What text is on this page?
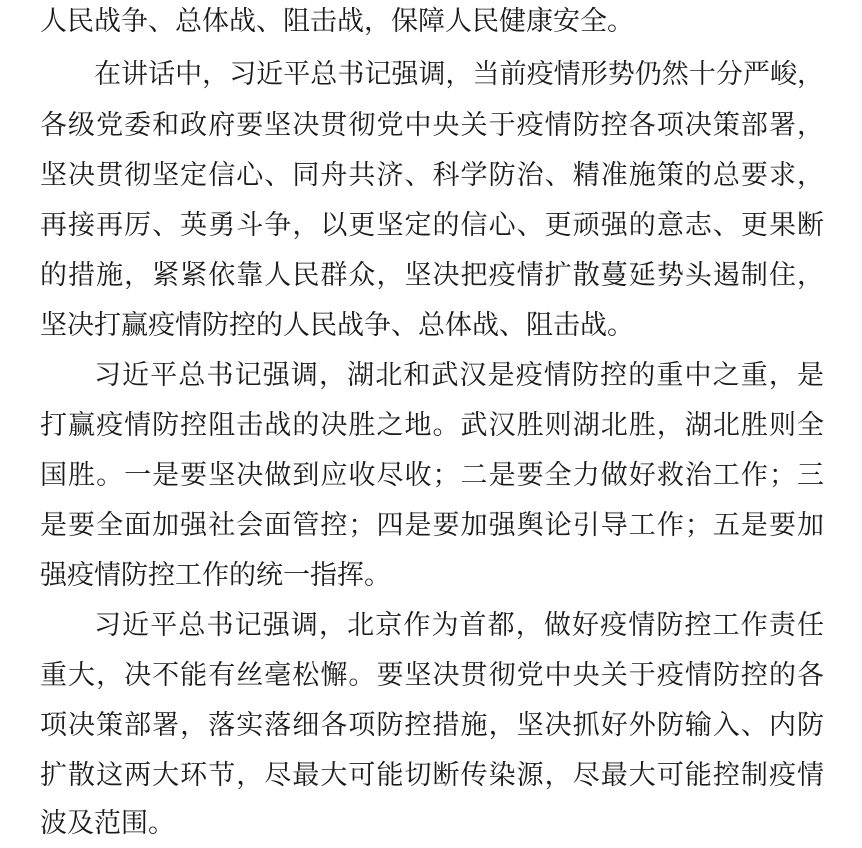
人民战争、总体战、阻击战，保障人民健康安全。
在讲话中，习近平总书记强调，当前疫情形势仍然十分严峻，
各级党委和政府要坚决贯彻党中央关于疫情防控各项决策部署，
坚决贯彻坚定信心、同舟共济、科学防治、精准施策的总要求，
再接再厉、英勇斗争，以更坚定的信心、更顽强的意志、更果断
的措施，紧紧依靠人民群众，坚决把疫情扩散蔓延势头遏制住，
坚决打赢疫情防控的人民战争、总体战、阻击战。
习近平总书记强调，湖北和武汉是疫情防控的重中之重，是
打赢疫情防控阻击战的决胜之地。武汉胜则湖北胜，湖北胜则全
国胜。一是要坚决做到应收尽收；二是要全力做好救治工作；三
是要全面加强社会面管控；四是要加强舆论引导工作；五是要加
强疫情防控工作的统一指挥。
习近平总书记强调，北京作为首都，做好疫情防控工作责任
重大，决不能有丝毫松懈。要坚决贯彻党中央关于疫情防控的各
项决策部署，落实落细各项防控措施，坚决抓好外防输入、内防
扩散这两大环节，尽最大可能切断传染源，尽最大可能控制疫情
波及范围。
